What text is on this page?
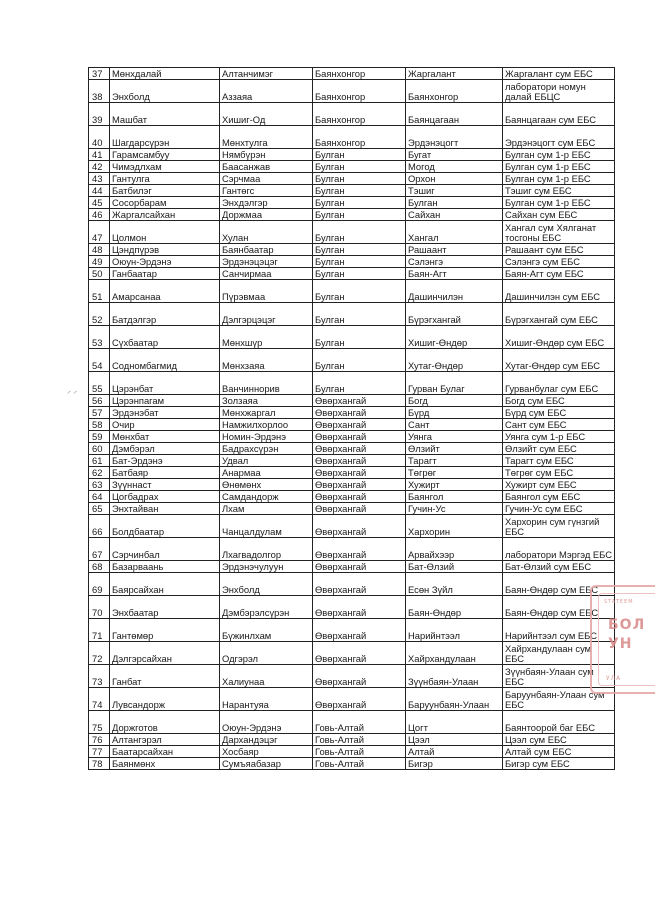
37	Мөнхдалай	Алтанчимэг	Баянхонгор	Жаргалант	Жаргалант сум ЕБС
38	Энхболд	Аззаяа	Баянхонгор	Баянхонгор	лаборатори номун далай ЕБЦС
39	Машбат	Хишиг-Од	Баянхонгор	Баянцагаан	Баянцагаан сум ЕБС
40	Шагдарсүрэн	Мөнхтулга	Баянхонгор	Эрдэнэцогт	Эрдэнэцогт сум ЕБС
41	Гарамсамбуу	Нямбүрэн	Булган	Бугат	Булган сум 1-р ЕБС
42	Чимэдлхам	Баасанжав	Булган	Могод	Булган сум 1-р ЕБС
43	Гантулга	Сэрчмаа	Булган	Орхон	Булган сум 1-р ЕБС
44	Батбилэг	Гантөгс	Булган	Тэшиг	Тэшиг сум ЕБС
45	Сосорбарам	Энхдэлгэр	Булган	Булган	Булган сум 1-р ЕБС
46	Жаргалсайхан	Доржмаа	Булган	Сайхан	Сайхан сум ЕБС
47	Цолмон	Хулан	Булган	Хангал	Хангал сум Хялганат тосгоны ЕБС
48	Цэндпүрэв	Баянбаатар	Булган	Рашаант	Рашаант сум ЕБС
49	Оюун-Эрдэнэ	Эрдэнэцэцэг	Булган	Сэлэнгэ	Сэлэнгэ сум ЕБС
50	Ганбаатар	Санчирмаа	Булган	Баян-Агт	Баян-Агт сум ЕБС
51	Амарсанаа	Пүрэвмаа	Булган	Дашинчилэн	Дашинчилэн сум ЕБС
52	Батдэлгэр	Дэлгэрцэцэг	Булган	Бүрэгхангай	Бүрэгхангай сум ЕБС
53	Сүхбаатар	Мөнхшүр	Булган	Хишиг-Өндөр	Хишиг-Өндөр сум ЕБС
54	Содномбагмид	Мөнхзаяа	Булган	Хутаг-Өндөр	Хутаг-Өндөр сум ЕБС
55	Цэрэнбат	Ванчиннорив	Булган	Гурван Булаг	Гурванбулаг сум ЕБС
56	Цэрэнпагам	Золзаяа	Өвөрхангай	Богд	Богд сум ЕБС
57	Эрдэнэбат	Мөнхжаргал	Өвөрхангай	Бүрд	Бүрд сум ЕБС
58	Очир	Намжилхорлоо	Өвөрхангай	Сант	Сант сум ЕБС
59	Мөнхбат	Номин-Эрдэнэ	Өвөрхангай	Уянга	Уянга сум 1-р ЕБС
60	Дэмбэрэл	Бадрахсүрэн	Өвөрхангай	Өлзийт	Өлзийт сум ЕБС
61	Бат-Эрдэнэ	Удвал	Өвөрхангай	Тарагт	Тарагт сум ЕБС
62	Батбаяр	Анармаа	Өвөрхангай	Төгрөг	Төгрөг сум ЕБС
63	Зүүннаст	Өнөмөнх	Өвөрхангай	Хужирт	Хужирт сум ЕБС
64	Цогбадрах	Самдандорж	Өвөрхангай	Баянгол	Баянгол сум ЕБС
65	Энхтайван	Лхам	Өвөрхангай	Гучин-Ус	Гучин-Ус сум ЕБС
66	Болдбаатар	Чанцалдулам	Өвөрхангай	Хархорин	Хархорин сум гүнзгий ЕБС
67	Сэрчинбал	Лхагвадолгор	Өвөрхангай	Арвайхээр	лаборатори Мэргэд ЕБС
68	Базарваань	Эрдэнэчулуун	Өвөрхангай	Бат-Өлзий	Бат-Өлзий сум ЕБС
69	Баярсайхан	Энхболд	Өвөрхангай	Есөн Зүйл	Баян-Өндөр сум ЕБС
70	Энхбаатар	Дэмбэрэлсүрэн	Өвөрхангай	Баян-Өндөр	Баян-Өндөр сум ЕБС
71	Гантөмөр	Бүжинлхам	Өвөрхангай	Нарийнтээл	Нарийнтээл сум ЕБС
72	Дэлгэрсайхан	Одгэрэл	Өвөрхангай	Хайрхандулаан	Хайрхандулаан сум ЕБС
73	Ганбат	Халиунаа	Өвөрхангай	Зүүнбаян-Улаан	Зүүнбаян-Улаан сум ЕБС
74	Лувсандорж	Нарантуяа	Өвөрхангай	Баруунбаян-Улаан	Баруунбаян-Улаан сум ЕБС
75	Доржготов	Оюун-Эрдэнэ	Говь-Алтай	Цогт	Баянтоорой баг ЕБС
76	Алтангэрэл	Дархандэцэг	Говь-Алтай	Цээл	Цээл сум ЕБС
77	Баатарсайхан	Хосбаяр	Говь-Алтай	Алтай	Алтай сум ЕБС
78	Баянмөнх	Сумъяабазар	Говь-Алтай	Бигэр	Бигэр сум ЕБС
STATEEM
БОЛ
УН
УЛА
⸝ ⸝
